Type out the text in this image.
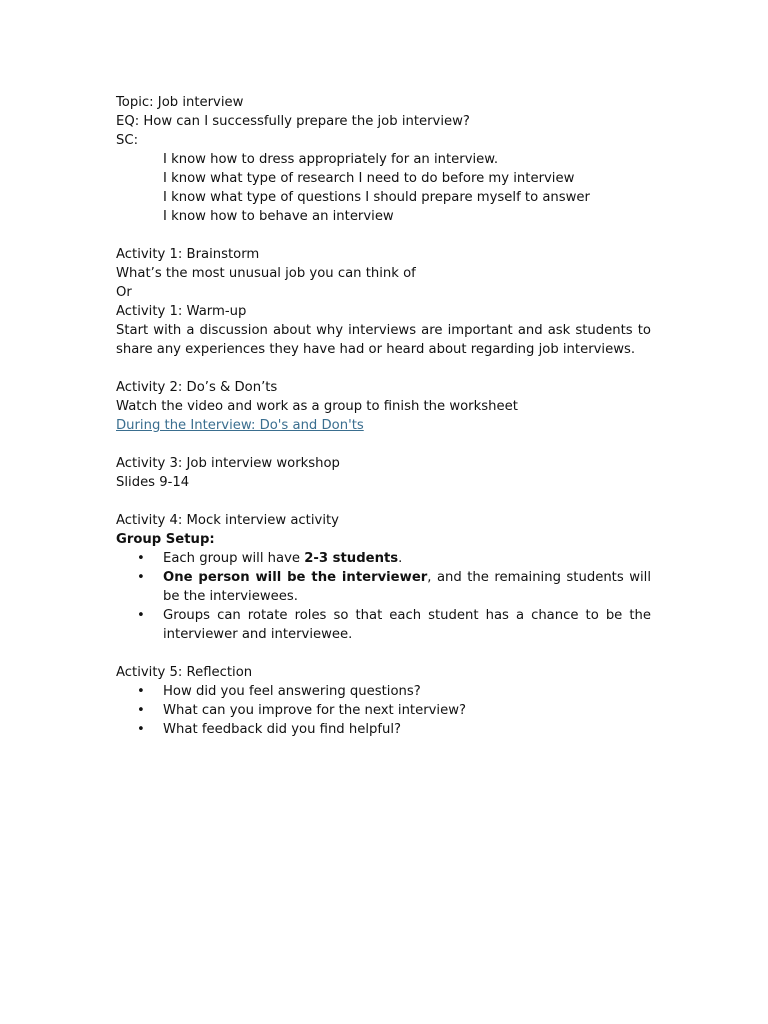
Topic: Job interview
EQ: How can I successfully prepare the job interview?
SC:
I know how to dress appropriately for an interview.
I know what type of research I need to do before my interview
I know what type of questions I should prepare myself to answer
I know how to behave an interview
Activity 1: Brainstorm
What’s the most unusual job you can think of
Or
Activity 1: Warm-up
Start with a discussion about why interviews are important and ask students to share any experiences they have had or heard about regarding job interviews.
Activity 2: Do’s & Don’ts
Watch the video and work as a group to finish the worksheet
During the Interview: Do's and Don'ts
Activity 3: Job interview workshop
Slides 9-14
Activity 4: Mock interview activity
Group Setup:
• Each group will have 2-3 students.
• One person will be the interviewer, and the remaining students will be the interviewees.
• Groups can rotate roles so that each student has a chance to be the interviewer and interviewee.
Activity 5: Reflection
• How did you feel answering questions?
• What can you improve for the next interview?
• What feedback did you find helpful?
